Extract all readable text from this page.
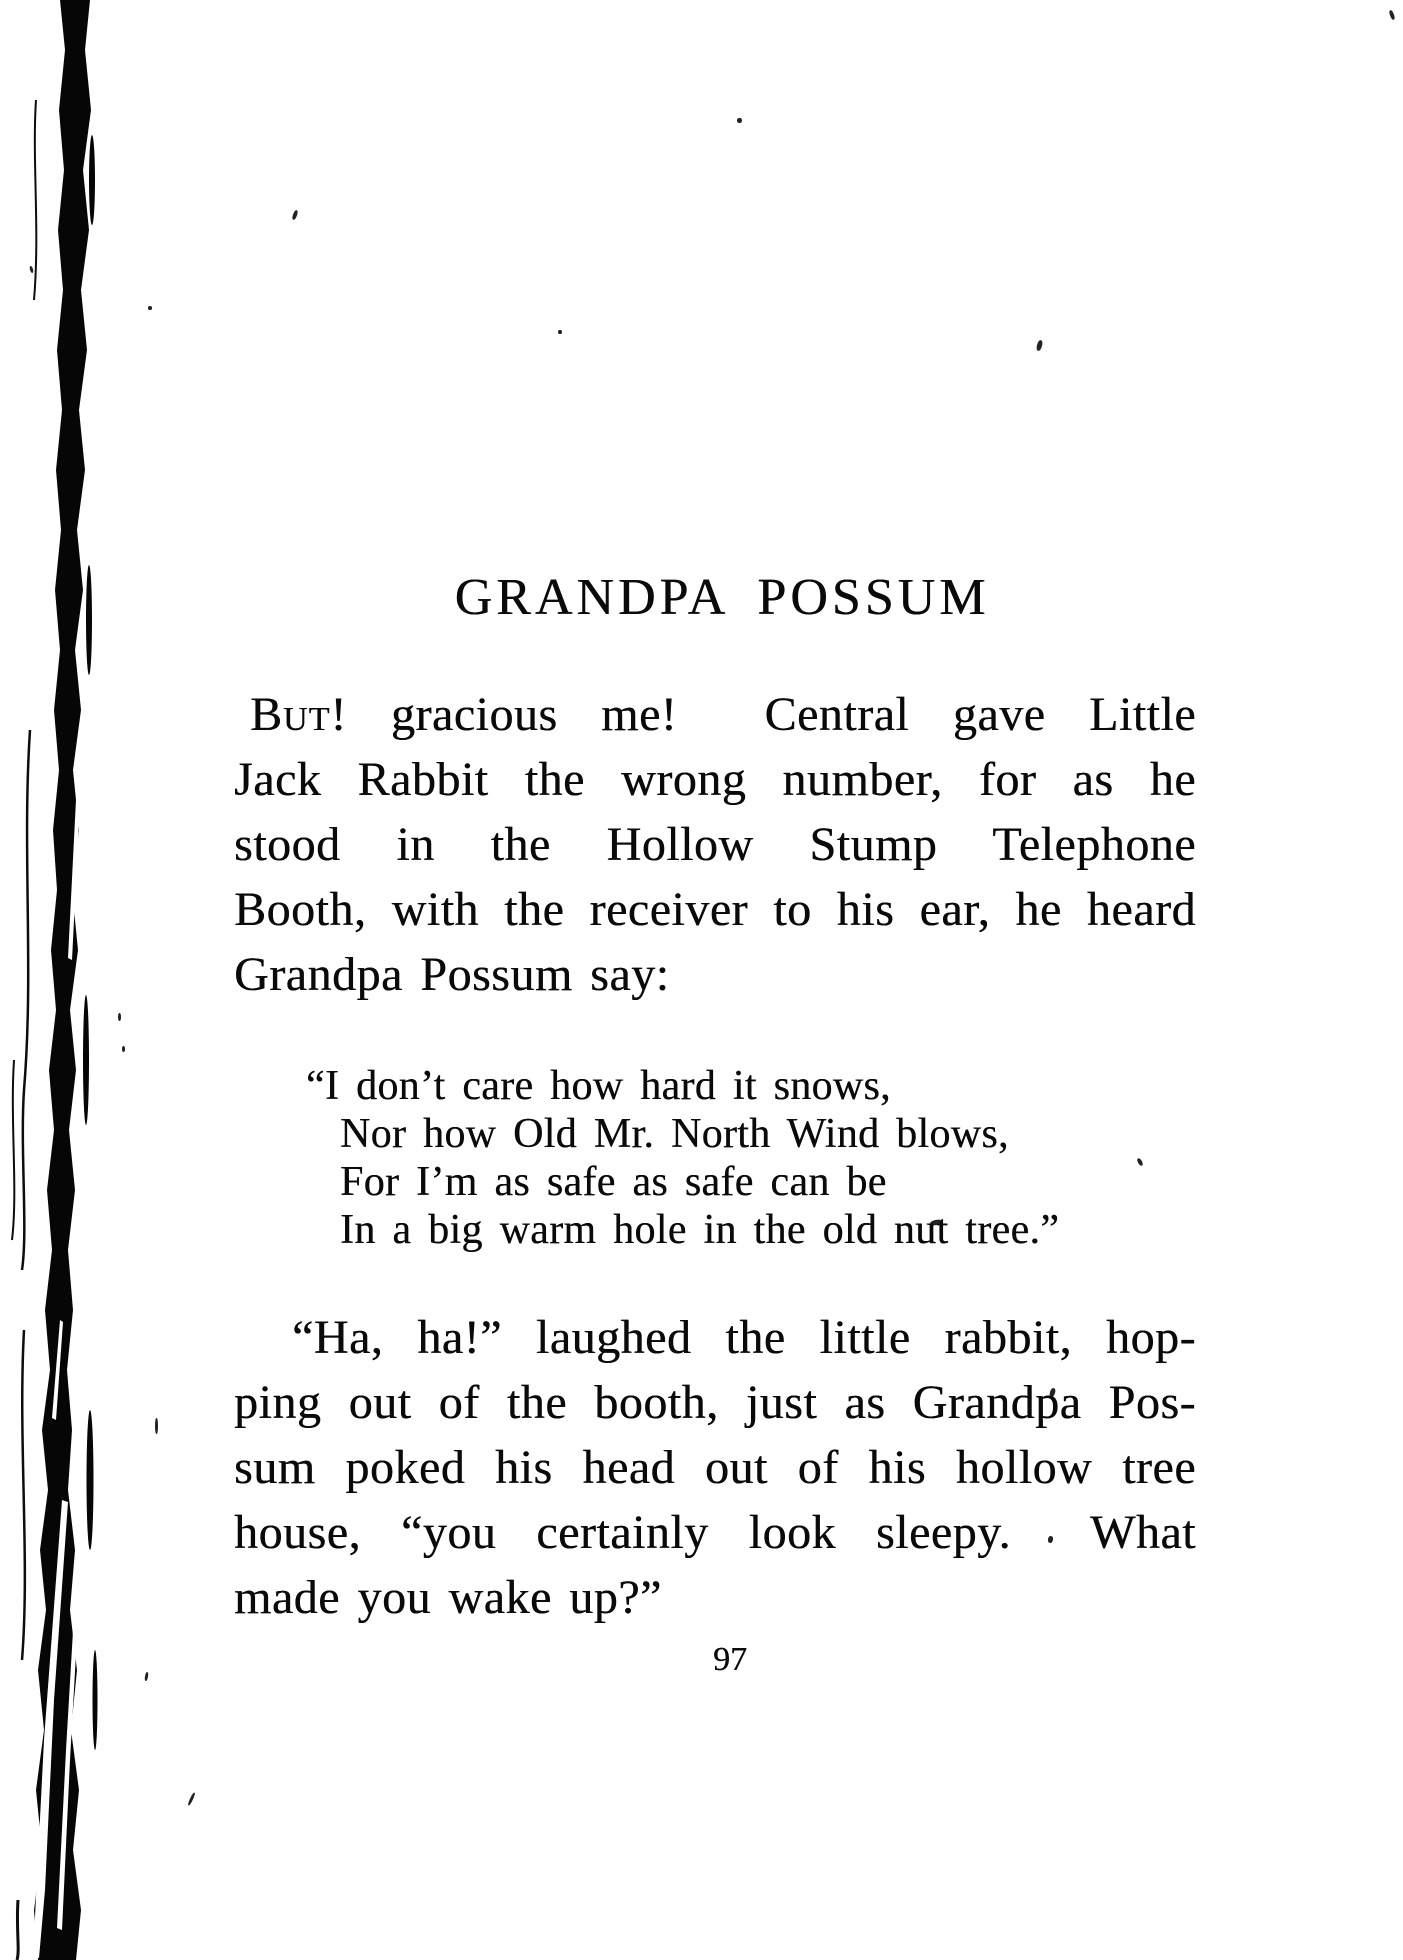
GRANDPA POSSUM
But! gracious me!  Central gave Little
Jack Rabbit the wrong number, for as he
stood in the Hollow Stump Telephone
Booth, with the receiver to his ear, he heard
Grandpa Possum say:
“I don’t care how hard it snows,
Nor how Old Mr. North Wind blows,
For I’m as safe as safe can be
In a big warm hole in the old nut tree.”
“Ha, ha!” laughed the little rabbit, hop-
ping out of the booth, just as Grandpa Pos-
sum poked his head out of his hollow tree
house, “you certainly look sleepy.  What
made you wake up?”
97
